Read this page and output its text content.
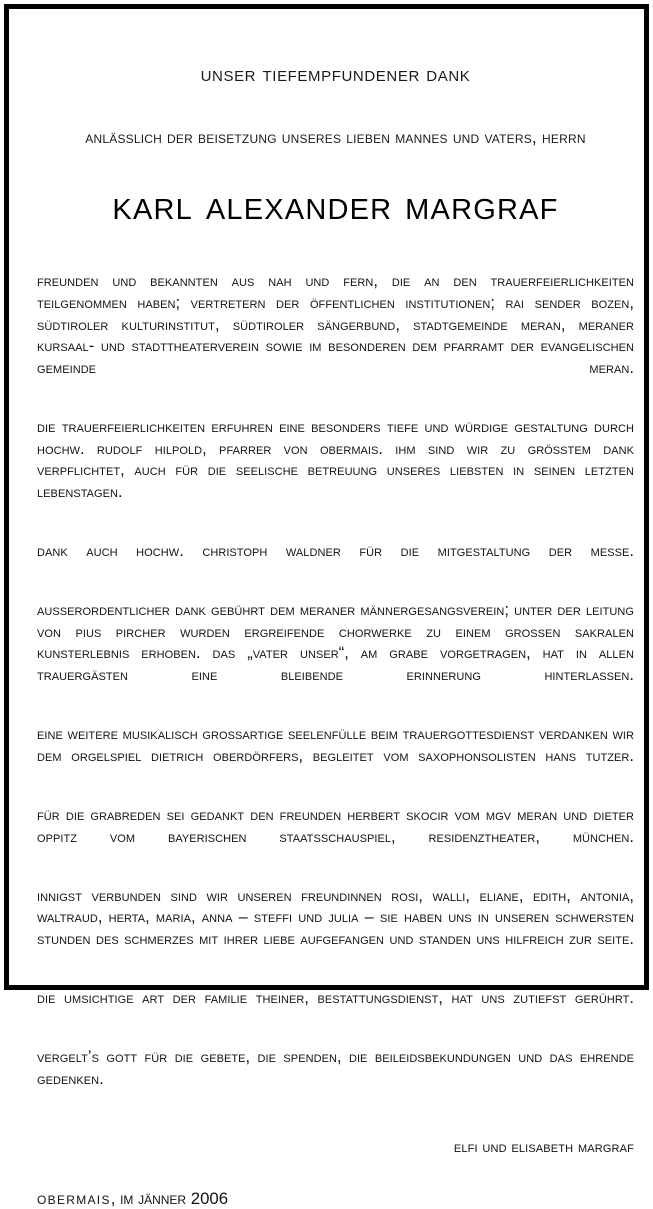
unser tiefempfundener dank
anlässlich der beisetzung unseres lieben mannes und vaters, herrn
karl alexander margraf

freunden und bekannten aus nah und fern, die an den trauerfeierlichkeiten teilgenommen haben; vertretern der öffentlichen institutionen; rai sender bozen, südtiroler kulturinstitut, südtiroler sängerbund, stadtgemeinde meran, meraner kursaal- und stadttheaterverein sowie im besonderen dem pfarramt der evangelischen gemeinde meran.

die trauerfeierlichkeiten erfuhren eine besonders tiefe und würdige gestaltung durch hochw. rudolf hilpold, pfarrer von obermais. ihm sind wir zu grösstem dank verpflichtet, auch für die seelische betreuung unseres liebsten in seinen letzten lebenstagen.

dank auch hochw. christoph waldner für die mitgestaltung der messe.

ausserordentlicher dank gebührt dem meraner männergesangsverein; unter der leitung von pius pircher wurden ergreifende chorwerke zu einem grossen sakralen kunsterlebnis erhoben. das „vater unser“, am grabe vorgetragen, hat in allen trauergästen eine bleibende erinnerung hinterlassen.

eine weitere musikalisch grossartige seelenfülle beim trauergottesdienst verdanken wir dem orgelspiel dietrich oberdörfers, begleitet vom saxophonsolisten hans tutzer.

für die grabreden sei gedankt den freunden herbert skocir vom mgv meran und dieter oppitz vom bayerischen staatsschauspiel, residenztheater, münchen.

innigst verbunden sind wir unseren freundinnen rosi, walli, eliane, edith, antonia, waltraud, herta, maria, anna – steffi und julia – sie haben uns in unseren schwersten stunden des schmerzes mit ihrer liebe aufgefangen und standen uns hilfreich zur seite.

die umsichtige art der familie theiner, bestattungsdienst, hat uns zutiefst gerührt.

vergelt’s gott für die gebete, die spenden, die beileidsbekundungen und das ehrende gedenken.

elfi und elisabeth margraf
obermais, im jänner 2006
